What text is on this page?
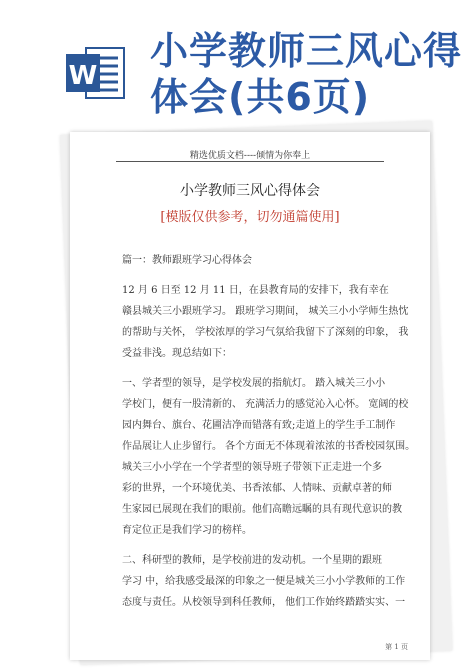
W
小学教师三风心得
体会(共6页)
精选优质文档----倾情为你奉上
小学教师三风心得体会
[模版仅供参考，切勿通篇使用]
篇一：教师跟班学习心得体会
12 月 6 日至 12 月 11 日，在县教育局的安排下，我有幸在
赣县城关三小跟班学习。 跟班学习期间， 城关三小小学师生热忱
的帮助与关怀， 学校浓厚的学习气氛给我留下了深刻的印象， 我
受益非浅。现总结如下：
一、学者型的领导，是学校发展的指航灯。 踏入城关三小小
学校门，便有一股清新的、 充满活力的感觉沁入心怀。 宽阔的校
园内舞台、旗台、花圃洁净而错落有致;走道上的学生手工制作
作品展让人止步留行。 各个方面无不体现着浓浓的书香校园氛围。
城关三小小学在一个学者型的领导班子带领下正走进一个多
彩的世界，一个环境优美、书香浓郁、人情味、贡献卓著的师
生家园已展现在我们的眼前。他们高瞻远瞩的具有现代意识的教
育定位正是我们学习的榜样。
二、科研型的教师，是学校前进的发动机。一个星期的跟班
学习 中，给我感受最深的印象之一便是城关三小小学教师的工作
态度与责任。从校领导到科任教师， 他们工作始终踏踏实实、一
第 1 页
